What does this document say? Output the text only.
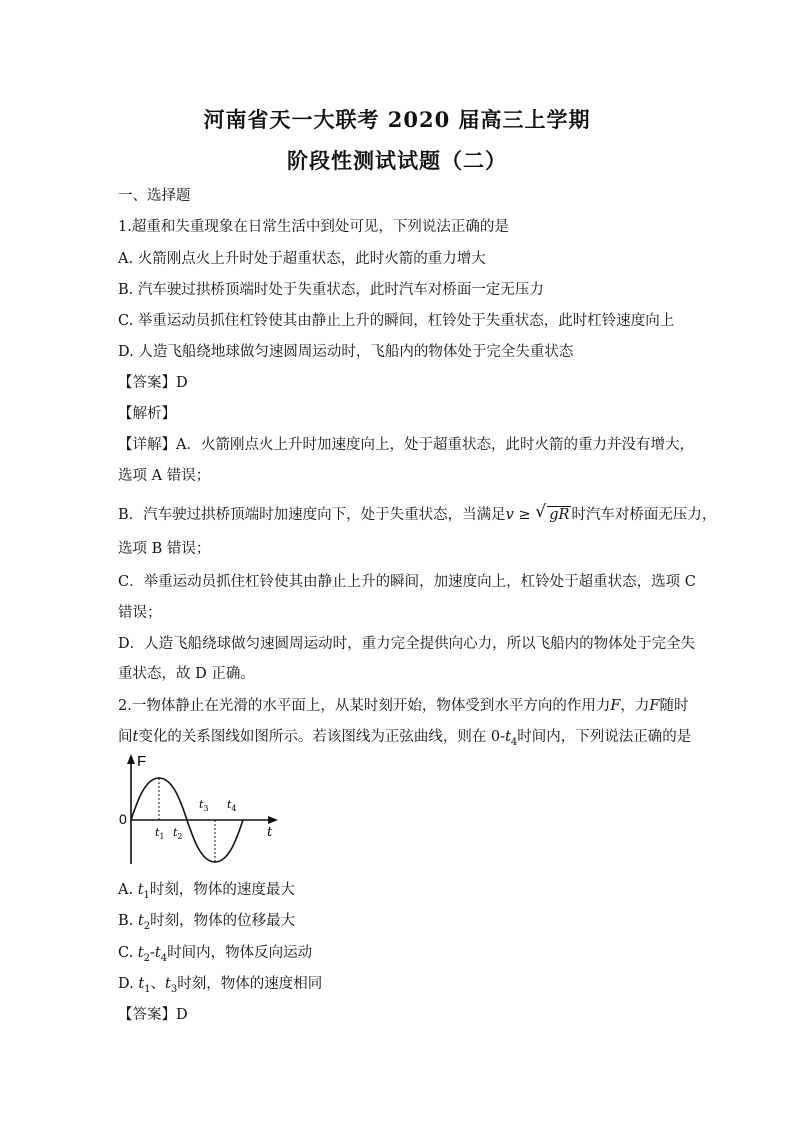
河南省天一大联考 2020 届高三上学期
阶段性测试试题（二）
一、选择题
1.超重和失重现象在日常生活中到处可见，下列说法正确的是
A. 火箭刚点火上升时处于超重状态，此时火箭的重力增大
B. 汽车驶过拱桥顶端时处于失重状态，此时汽车对桥面一定无压力
C. 举重运动员抓住杠铃使其由静止上升的瞬间，杠铃处于失重状态，此时杠铃速度向上
D. 人造飞船绕地球做匀速圆周运动时，飞船内的物体处于完全失重状态
【答案】D
【解析】
【详解】A．火箭刚点火上升时加速度向上，处于超重状态，此时火箭的重力并没有增大，
选项 A 错误；
B．汽车驶过拱桥顶端时加速度向下，处于失重状态，当满足v ≥ √ gR 时汽车对桥面无压力，
选项 B 错误；
C．举重运动员抓住杠铃使其由静止上升的瞬间，加速度向上，杠铃处于超重状态，选项 C
错误；
D．人造飞船绕球做匀速圆周运动时，重力完全提供向心力，所以飞船内的物体处于完全失
重状态，故 D 正确。
2.一物体静止在光滑的水平面上，从某时刻开始，物体受到水平方向的作用力F，力F随时
间t变化的关系图线如图所示。若该图线为正弦曲线，则在 $0-t_4$时间内，下列说法正确的是
F
0
t
$t_1$ $t_2$
$t_3$ $t_4$
A. $t_1$时刻，物体的速度最大
B. $t_2$时刻，物体的位移最大
C. $t_2-t_4$时间内，物体反向运动
D. $t_1$、$t_3$时刻，物体的速度相同
【答案】D
